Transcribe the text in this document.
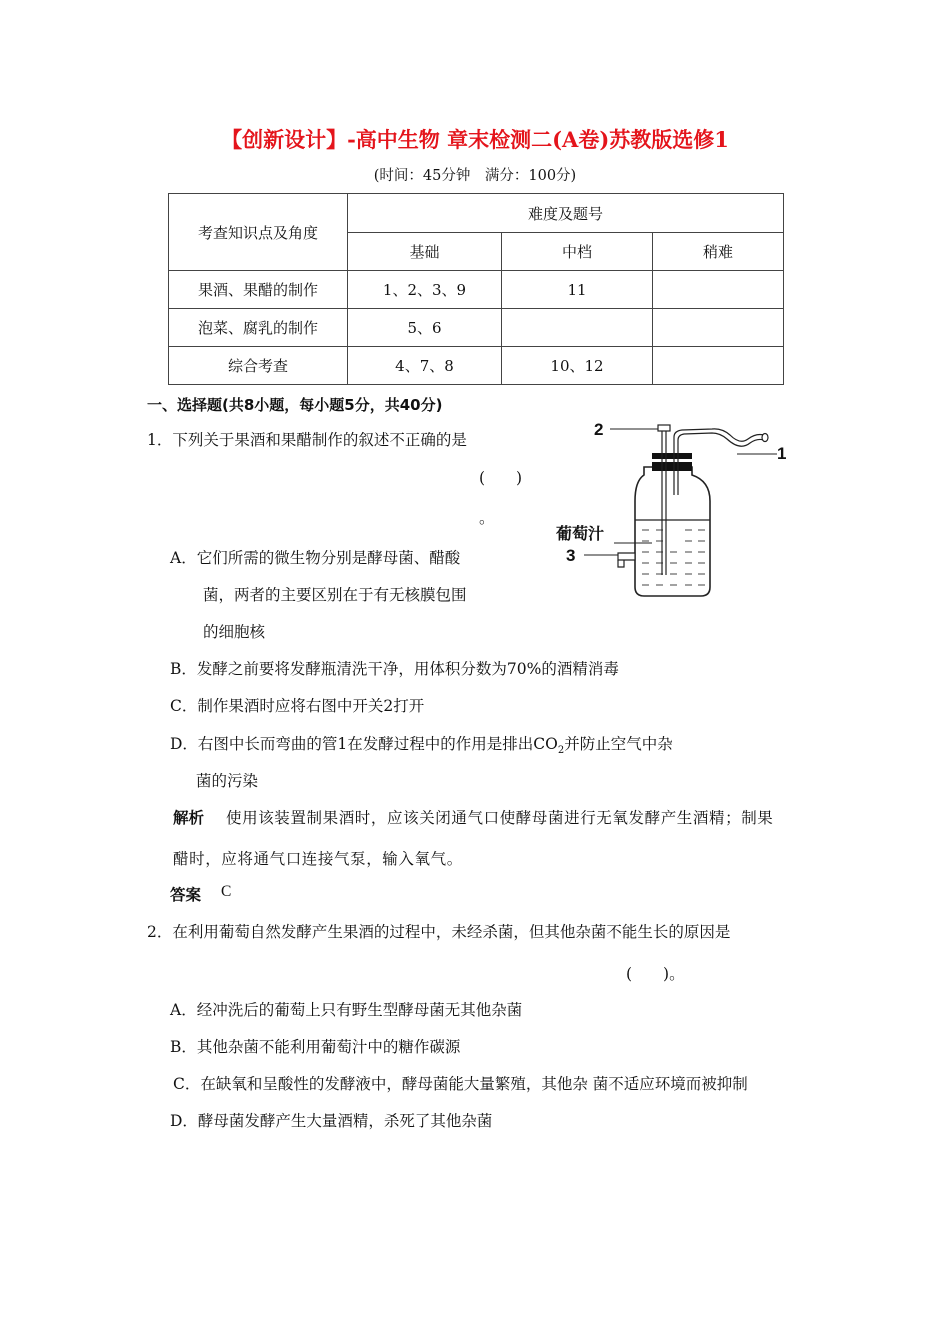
【创新设计】-高中生物 章末检测二(A卷)苏教版选修1
(时间：45分钟　满分：100分)
考查知识点及角度	难度及题号		
	基础	中档	稍难
果酒、果醋的制作	1、2、3、9	11	
泡菜、腐乳的制作	5、6		
综合考查	4、7、8	10、12	
一、选择题(共8小题，每小题5分，共40分)
1．下列关于果酒和果醋制作的叙述不正确的是
(　　)
。
2
1
葡萄汁
3
A．它们所需的微生物分别是酵母菌、醋酸
菌，两者的主要区别在于有无核膜包围
的细胞核
B．发酵之前要将发酵瓶清洗干净，用体积分数为70%的酒精消毒
C．制作果酒时应将右图中开关2打开
D．右图中长而弯曲的管1在发酵过程中的作用是排出$CO_2$并防止空气中杂
菌的污染
解析 使用该装置制果酒时，应该关闭通气口使酵母菌进行无氧发酵产生酒精；制果
醋时，应将通气口连接气泵，输入氧气。
答案 C
2．在利用葡萄自然发酵产生果酒的过程中，未经杀菌，但其他杂菌不能生长的原因是
(　　)。
A．经冲洗后的葡萄上只有野生型酵母菌无其他杂菌
B．其他杂菌不能利用葡萄汁中的糖作碳源
C．在缺氧和呈酸性的发酵液中，酵母菌能大量繁殖，其他杂 菌不适应环境而被抑制
D．酵母菌发酵产生大量酒精，杀死了其他杂菌
